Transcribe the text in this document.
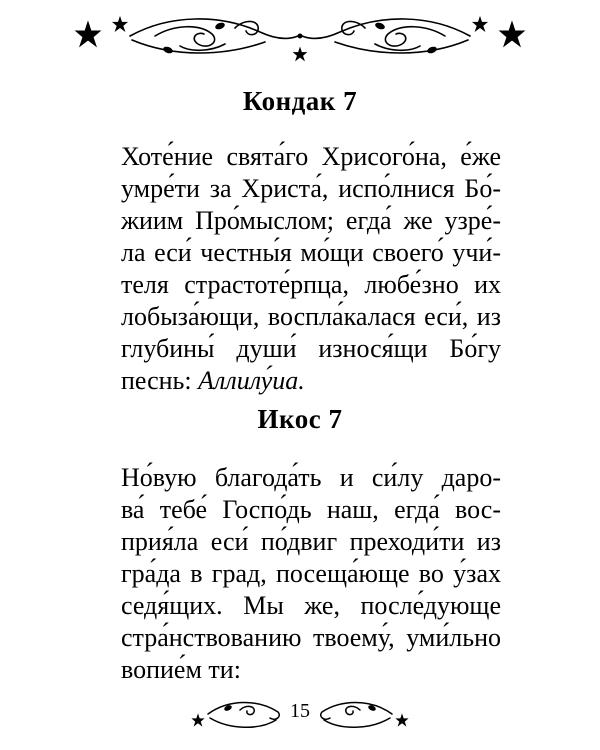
Кондак 7
Хоте́ние свята́го Хрисого́на, е́же
умре́ти за Христа́, испо́лнися Бо́-
жиим Про́мыслом; егда́ же узре́-
ла еси́ честны́я мо́щи своего́ учи́-
теля страстоте́рпца, любе́зно их
лобыза́ющи, воспла́калася еси́, из
глубины́ души́ износя́щи Бо́гу
песнь: Аллилу́иа.
Икос 7
Но́вую благода́ть и си́лу даро-
ва́ тебе́ Госпо́дь наш, егда́ вос-
прия́ла еси́ по́двиг преходи́ти из
гра́да в град, посеща́юще во у́зах
седя́щих. Мы же, после́дующе
стра́нствованию твоему́, уми́льно
вопие́м ти:
15
